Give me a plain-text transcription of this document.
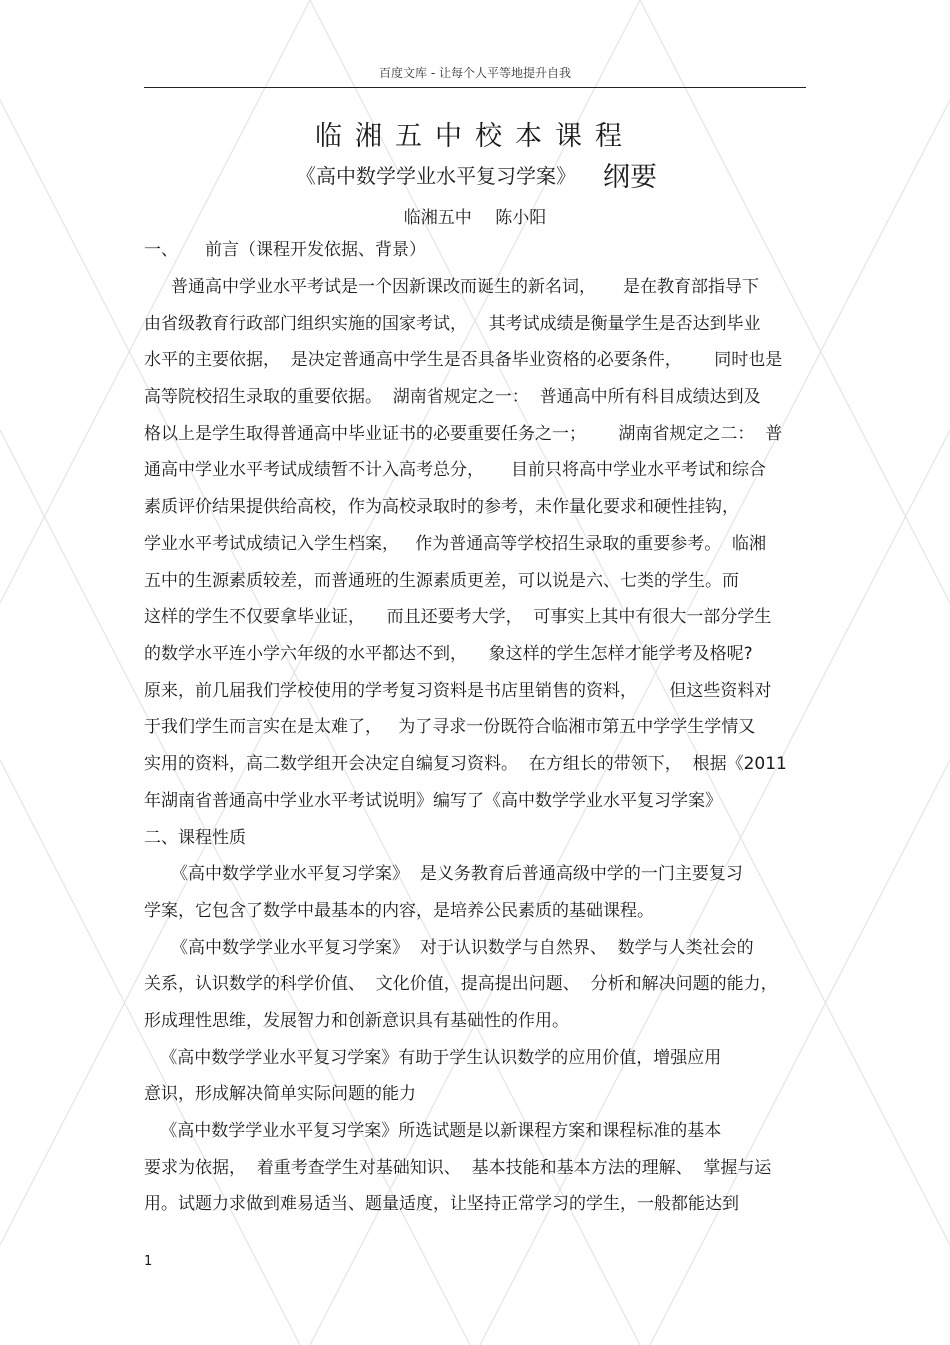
百度文库 - 让每个人平等地提升自我
临湘五中校本课程
《高中数学学业水平复习学案》 纲要
临湘五中 陈小阳
一、     前言（课程开发依据、背景）
普通高中学业水平考试是一个因新课改而诞生的新名词，     是在教育部指导下
由省级教育行政部门组织实施的国家考试，    其考试成绩是衡量学生是否达到毕业
水平的主要依据，  是决定普通高中学生是否具备毕业资格的必要条件，      同时也是
高等院校招生录取的重要依据。  湖南省规定之一：  普通高中所有科目成绩达到及
格以上是学生取得普通高中毕业证书的必要重要任务之一；      湖南省规定之二：  普
通高中学业水平考试成绩暂不计入高考总分，     目前只将高中学业水平考试和综合
素质评价结果提供给高校，作为高校录取时的参考，未作量化要求和硬性挂钩，
学业水平考试成绩记入学生档案，   作为普通高等学校招生录取的重要参考。  临湘
五中的生源素质较差，而普通班的生源素质更差，可以说是六、七类的学生。而
这样的学生不仅要拿毕业证，    而且还要考大学，  可事实上其中有很大一部分学生
的数学水平连小学六年级的水平都达不到，    象这样的学生怎样才能学考及格呢?
原来，前几届我们学校使用的学考复习资料是书店里销售的资料，      但这些资料对
于我们学生而言实在是太难了，   为了寻求一份既符合临湘市第五中学学生学情又
实用的资料，高二数学组开会决定自编复习资料。  在方组长的带领下，  根据《2011
年湖南省普通高中学业水平考试说明》编写了《高中数学学业水平复习学案》
二、课程性质
《高中数学学业水平复习学案》  是义务教育后普通高级中学的一门主要复习
学案，它包含了数学中最基本的内容，是培养公民素质的基础课程。
《高中数学学业水平复习学案》  对于认识数学与自然界、  数学与人类社会的
关系，认识数学的科学价值、  文化价值，提高提出问题、  分析和解决问题的能力，
形成理性思维，发展智力和创新意识具有基础性的作用。
《高中数学学业水平复习学案》有助于学生认识数学的应用价值，增强应用
意识，形成解决简单实际问题的能力
《高中数学学业水平复习学案》所选试题是以新课程方案和课程标准的基本
要求为依据，  着重考查学生对基础知识、  基本技能和基本方法的理解、  掌握与运
用。试题力求做到难易适当、题量适度，让坚持正常学习的学生，一般都能达到
1
